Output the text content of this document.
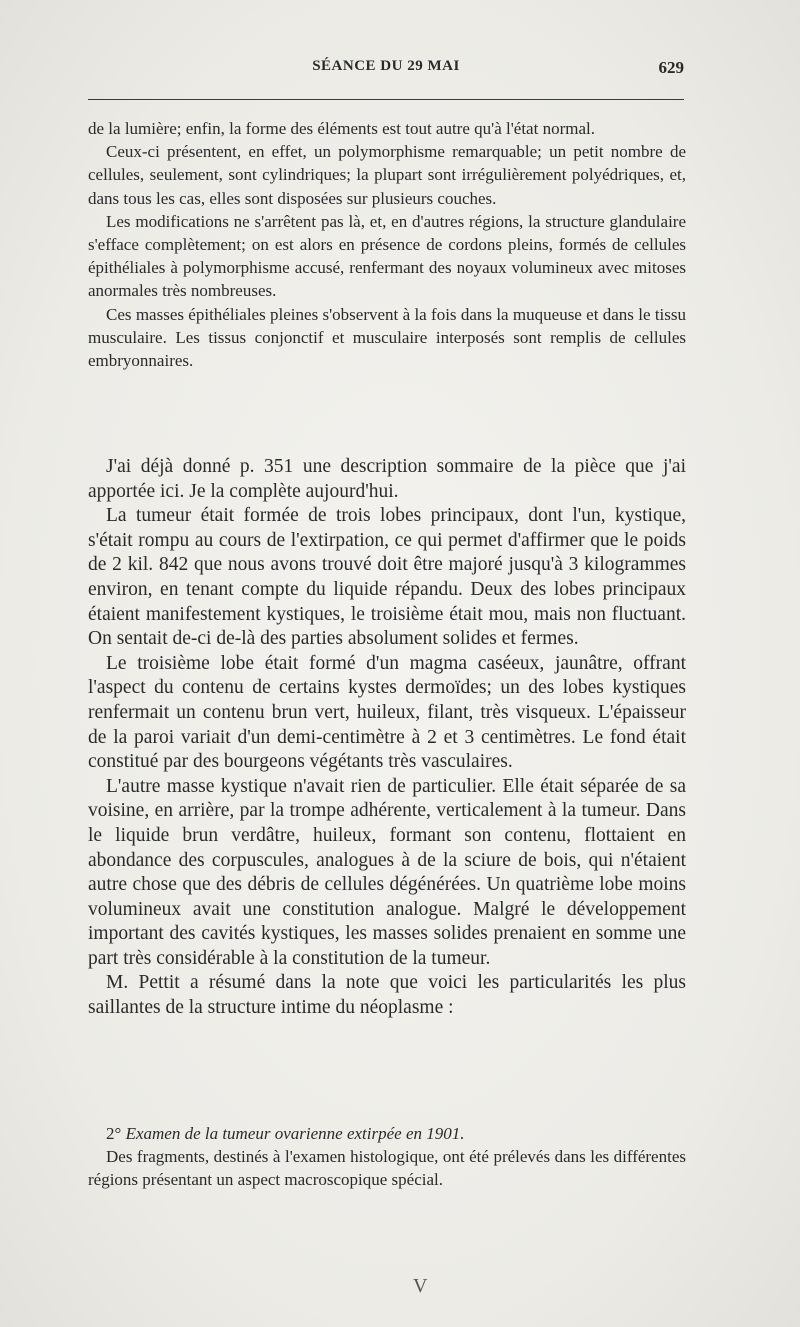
SÉANCE DU 29 MAI	629

de la lumière; enfin, la forme des éléments est tout autre qu'à l'état normal.

Ceux-ci présentent, en effet, un polymorphisme remarquable; un petit nombre de cellules, seulement, sont cylindriques; la plupart sont irrégulièrement polyédriques, et, dans tous les cas, elles sont disposées sur plusieurs couches.

Les modifications ne s'arrêtent pas là, et, en d'autres régions, la structure glandulaire s'efface complètement; on est alors en présence de cordons pleins, formés de cellules épithéliales à polymorphisme accusé, renfermant des noyaux volumineux avec mitoses anormales très nombreuses.

Ces masses épithéliales pleines s'observent à la fois dans la muqueuse et dans le tissu musculaire. Les tissus conjonctif et musculaire interposés sont remplis de cellules embryonnaires.

J'ai déjà donné p. 351 une description sommaire de la pièce que j'ai apportée ici. Je la complète aujourd'hui.

La tumeur était formée de trois lobes principaux, dont l'un, kystique, s'était rompu au cours de l'extirpation, ce qui permet d'affirmer que le poids de 2 kil. 842 que nous avons trouvé doit être majoré jusqu'à 3 kilogrammes environ, en tenant compte du liquide répandu. Deux des lobes principaux étaient manifestement kystiques, le troisième était mou, mais non fluctuant. On sentait de-ci de-là des parties absolument solides et fermes.

Le troisième lobe était formé d'un magma caséeux, jaunâtre, offrant l'aspect du contenu de certains kystes dermoïdes; un des lobes kystiques renfermait un contenu brun vert, huileux, filant, très visqueux. L'épaisseur de la paroi variait d'un demi-centimètre à 2 et 3 centimètres. Le fond était constitué par des bourgeons végétants très vasculaires.

L'autre masse kystique n'avait rien de particulier. Elle était séparée de sa voisine, en arrière, par la trompe adhérente, verticalement à la tumeur. Dans le liquide brun verdâtre, huileux, formant son contenu, flottaient en abondance des corpuscules, analogues à de la sciure de bois, qui n'étaient autre chose que des débris de cellules dégénérées. Un quatrième lobe moins volumineux avait une constitution analogue. Malgré le développement important des cavités kystiques, les masses solides prenaient en somme une part très considérable à la constitution de la tumeur.

M. Pettit a résumé dans la note que voici les particularités les plus saillantes de la structure intime du néoplasme :

2° Examen de la tumeur ovarienne extirpée en 1901.

Des fragments, destinés à l'examen histologique, ont été prélevés dans les différentes régions présentant un aspect macroscopique spécial.

V
